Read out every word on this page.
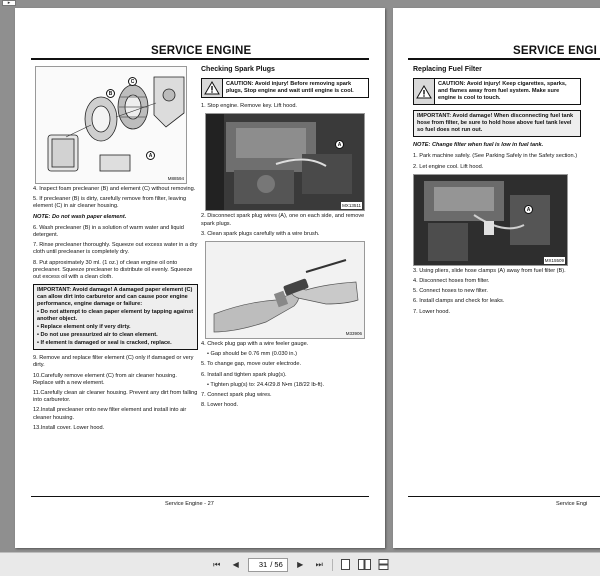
▸
SERVICE ENGINE
B
C
A
M88594

4. Inspect foam precleaner (B) and element (C) without removing.

5. If precleaner (B) is dirty, carefully remove from filter, leaving element (C) in air cleaner housing.

NOTE: Do not wash paper element.

6. Wash precleaner (B) in a solution of warm water and liquid detergent.

7. Rinse precleaner thoroughly. Squeeze out excess water in a dry cloth until precleaner is completely dry.

8. Put approximately 30 ml. (1 oz.) of clean engine oil onto precleaner. Squeeze precleaner to distribute oil evenly. Squeeze out excess oil with a clean cloth.

IMPORTANT: Avoid damage! A damaged paper element (C) can allow dirt into carburetor and can cause poor engine performance, engine damage or failure:
• Do not attempt to clean paper element by tapping against another object.
• Replace element only if very dirty.
• Do not use pressurized air to clean element.
• If element is damaged or seal is cracked, replace.

9. Remove and replace filter element (C) only if damaged or very dirty.

10.Carefully remove element (C) from air cleaner housing. Replace with a new element.

11.Carefully clean air cleaner housing. Prevent any dirt from falling into carburetor.

12.Install precleaner onto new filter element and install into air cleaner housing.

13.Install cover. Lower hood.

Checking Spark Plugs
CAUTION: Avoid injury! Before removing spark plugs, Stop engine and wait until engine is cool.

1. Stop engine. Remove key. Lift hood.

A
MX13511

2. Disconnect spark plug wires (A), one on each side, and remove spark plugs.

3. Clean spark plugs carefully with a wire brush.

M33906

4. Check plug gap with a wire feeler gauge.

• Gap should be 0.76 mm (0.030 in.)

5. To change gap, move outer electrode.

6. Install and tighten spark plug(s).

• Tighten plug(s) to: 24.4/29.8 N•m (18/22 lb-ft).

7. Connect spark plug wires.

8. Lower hood.

Service Engine - 27
SERVICE ENGI
Replacing Fuel Filter
CAUTION: Avoid injury! Keep cigarettes, sparks, and flames away from fuel system. Make sure engine is cool to touch.
IMPORTANT: Avoid damage! When disconnecting fuel tank hose from filter, be sure to hold hose above fuel tank level so fuel does not run out.
NOTE: Change filter when fuel is low in fuel tank.

1. Park machine safely. (See Parking Safely in the Safety section.)

2. Let engine cool. Lift hood.

A
MX15509

3. Using pliers, slide hose clamps (A) away from fuel filter (B).

4. Disconnect hoses from filter.

5. Connect hoses to new filter.

6. Install clamps and check for leaks.

7. Lower hood.

Service Engi
⏮	◀	31 / 56	▶	⏭
